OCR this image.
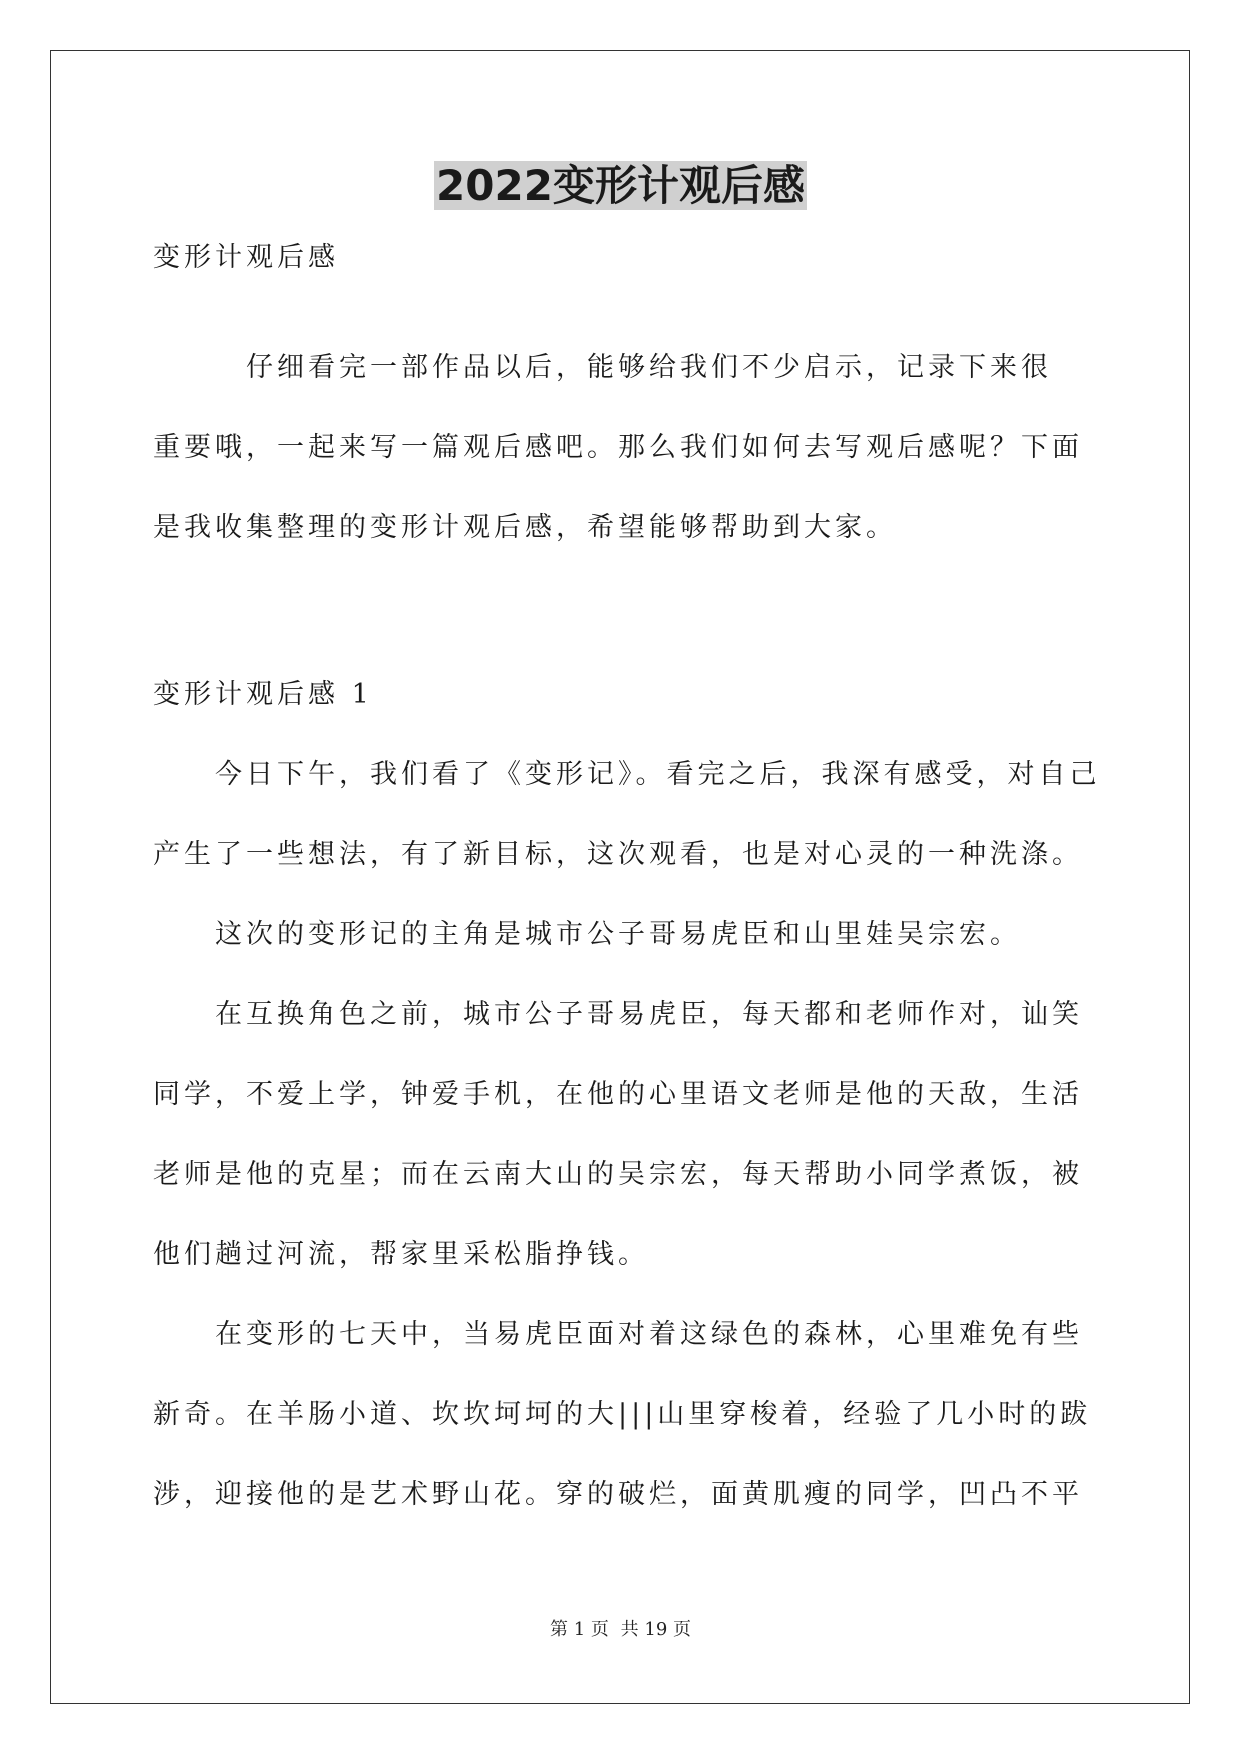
2022变形计观后感
变形计观后感
　　　仔细看完一部作品以后，能够给我们不少启示，记录下来很
重要哦，一起来写一篇观后感吧。那么我们如何去写观后感呢？下面
是我收集整理的变形计观后感，希望能够帮助到大家。
变形计观后感 1
　　今日下午，我们看了《变形记》。看完之后，我深有感受，对自己
产生了一些想法，有了新目标，这次观看，也是对心灵的一种洗涤。
　　这次的变形记的主角是城市公子哥易虎臣和山里娃吴宗宏。
　　在互换角色之前，城市公子哥易虎臣，每天都和老师作对，讪笑
同学，不爱上学，钟爱手机，在他的心里语文老师是他的天敌，生活
老师是他的克星；而在云南大山的吴宗宏，每天帮助小同学煮饭，被
他们趟过河流，帮家里采松脂挣钱。
　　在变形的七天中，当易虎臣面对着这绿色的森林，心里难免有些
新奇。在羊肠小道、坎坎坷坷的大|||山里穿梭着，经验了几小时的跋
涉，迎接他的是艺术野山花。穿的破烂，面黄肌瘦的同学，凹凸不平
第 1 页 共 19 页
